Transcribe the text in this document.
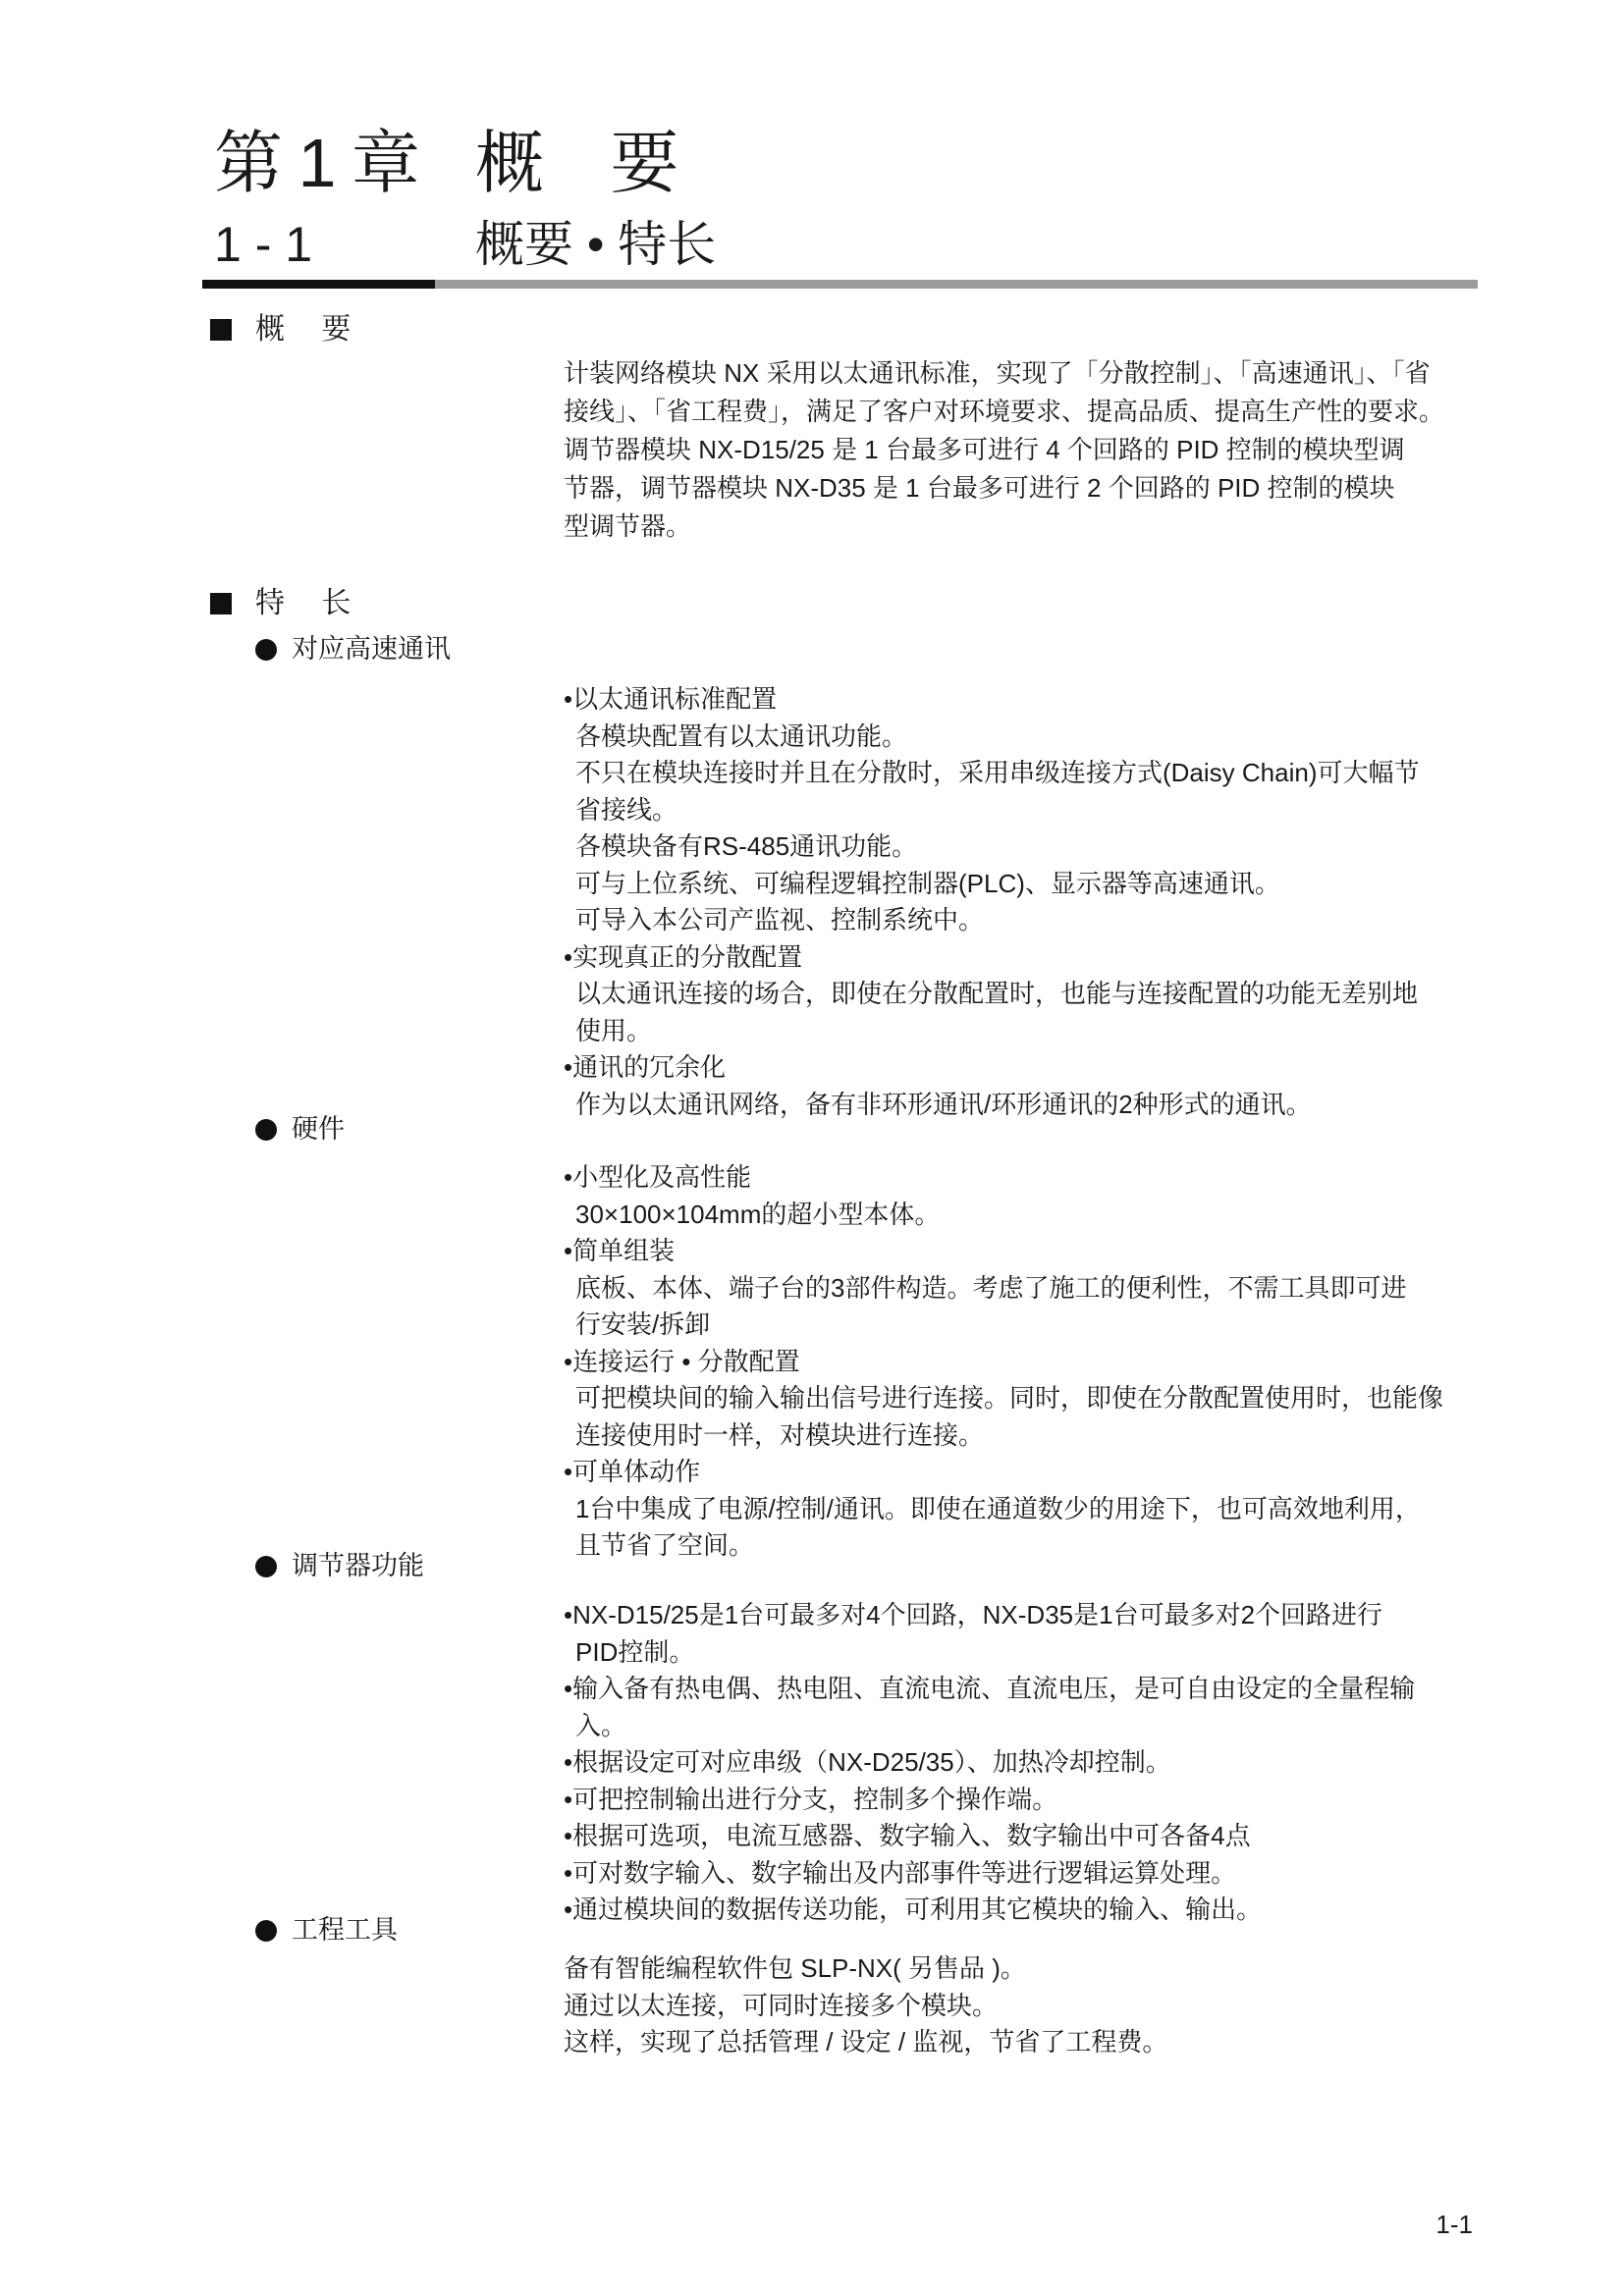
第 1 章 概 要
1 - 1	概要 • 特长
概 要
计装网络模块 NX 采用以太通讯标准，实现了「分散控制」、「高速通讯」、「省
接线」、「省工程费」，满足了客户对环境要求、提高品质、提高生产性的要求。
调节器模块 NX-D15/25 是 1 台最多可进行 4 个回路的 PID 控制的模块型调
节器，调节器模块 NX-D35 是 1 台最多可进行 2 个回路的 PID 控制的模块
型调节器。
特 长
对应高速通讯
•以太通讯标准配置
各模块配置有以太通讯功能。
不只在模块连接时并且在分散时，采用串级连接方式(Daisy Chain)可大幅节
省接线。
各模块备有RS-485通讯功能。
可与上位系统、可编程逻辑控制器(PLC)、显示器等高速通讯。
可导入本公司产监视、控制系统中。
•实现真正的分散配置
以太通讯连接的场合，即使在分散配置时，也能与连接配置的功能无差别地
使用。
•通讯的冗余化
作为以太通讯网络，备有非环形通讯/环形通讯的2种形式的通讯。
硬件
•小型化及高性能
30×100×104mm的超小型本体。
•简单组装
底板、本体、端子台的3部件构造。考虑了施工的便利性，不需工具即可进
行安装/拆卸
•连接运行 • 分散配置
可把模块间的输入输出信号进行连接。同时，即使在分散配置使用时，也能像
连接使用时一样，对模块进行连接。
•可单体动作
1台中集成了电源/控制/通讯。即使在通道数少的用途下，也可高效地利用，
且节省了空间。
调节器功能
•NX-D15/25是1台可最多对4个回路，NX-D35是1台可最多对2个回路进行
PID控制。
•输入备有热电偶、热电阻、直流电流、直流电压，是可自由设定的全量程输
入。
•根据设定可对应串级（NX-D25/35）、加热冷却控制。
•可把控制输出进行分支，控制多个操作端。
•根据可选项，电流互感器、数字输入、数字输出中可各备4点
•可对数字输入、数字输出及内部事件等进行逻辑运算处理。
•通过模块间的数据传送功能，可利用其它模块的输入、输出。
工程工具
备有智能编程软件包 SLP-NX( 另售品 )。
通过以太连接，可同时连接多个模块。
这样，实现了总括管理 / 设定 / 监视，节省了工程费。
1-1
